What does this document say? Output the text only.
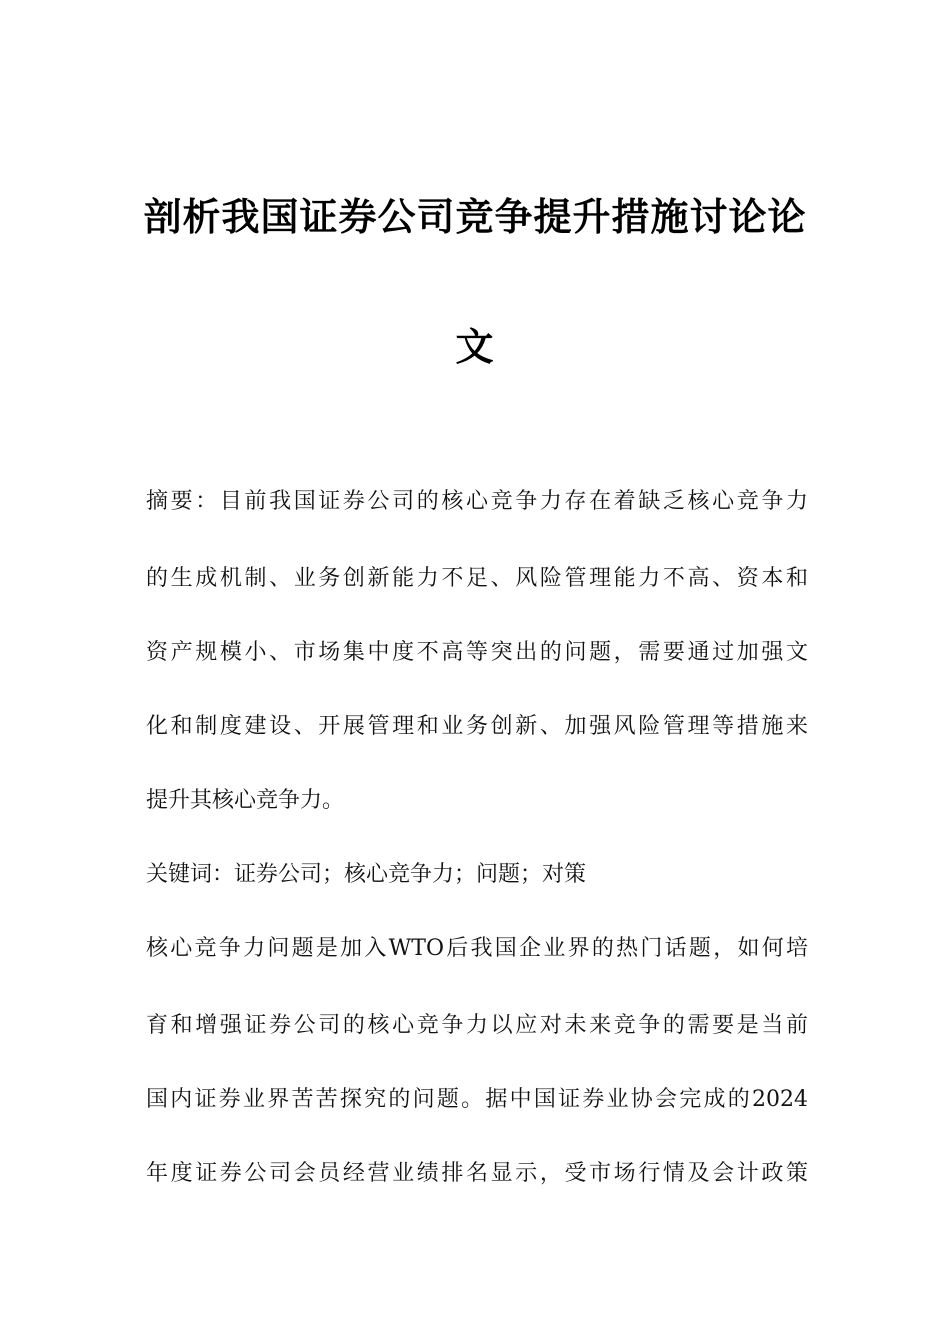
剖析我国证券公司竞争提升措施讨论论
文
摘要：目前我国证券公司的核心竞争力存在着缺乏核心竞争力
的生成机制、业务创新能力不足、风险管理能力不高、资本和
资产规模小、市场集中度不高等突出的问题，需要通过加强文
化和制度建设、开展管理和业务创新、加强风险管理等措施来
提升其核心竞争力。
关键词：证券公司；核心竞争力；问题；对策
核心竞争力问题是加入WTO后我国企业界的热门话题，如何培
育和增强证券公司的核心竞争力以应对未来竞争的需要是当前
国内证券业界苦苦探究的问题。据中国证券业协会完成的2024
年度证券公司会员经营业绩排名显示，受市场行情及会计政策
